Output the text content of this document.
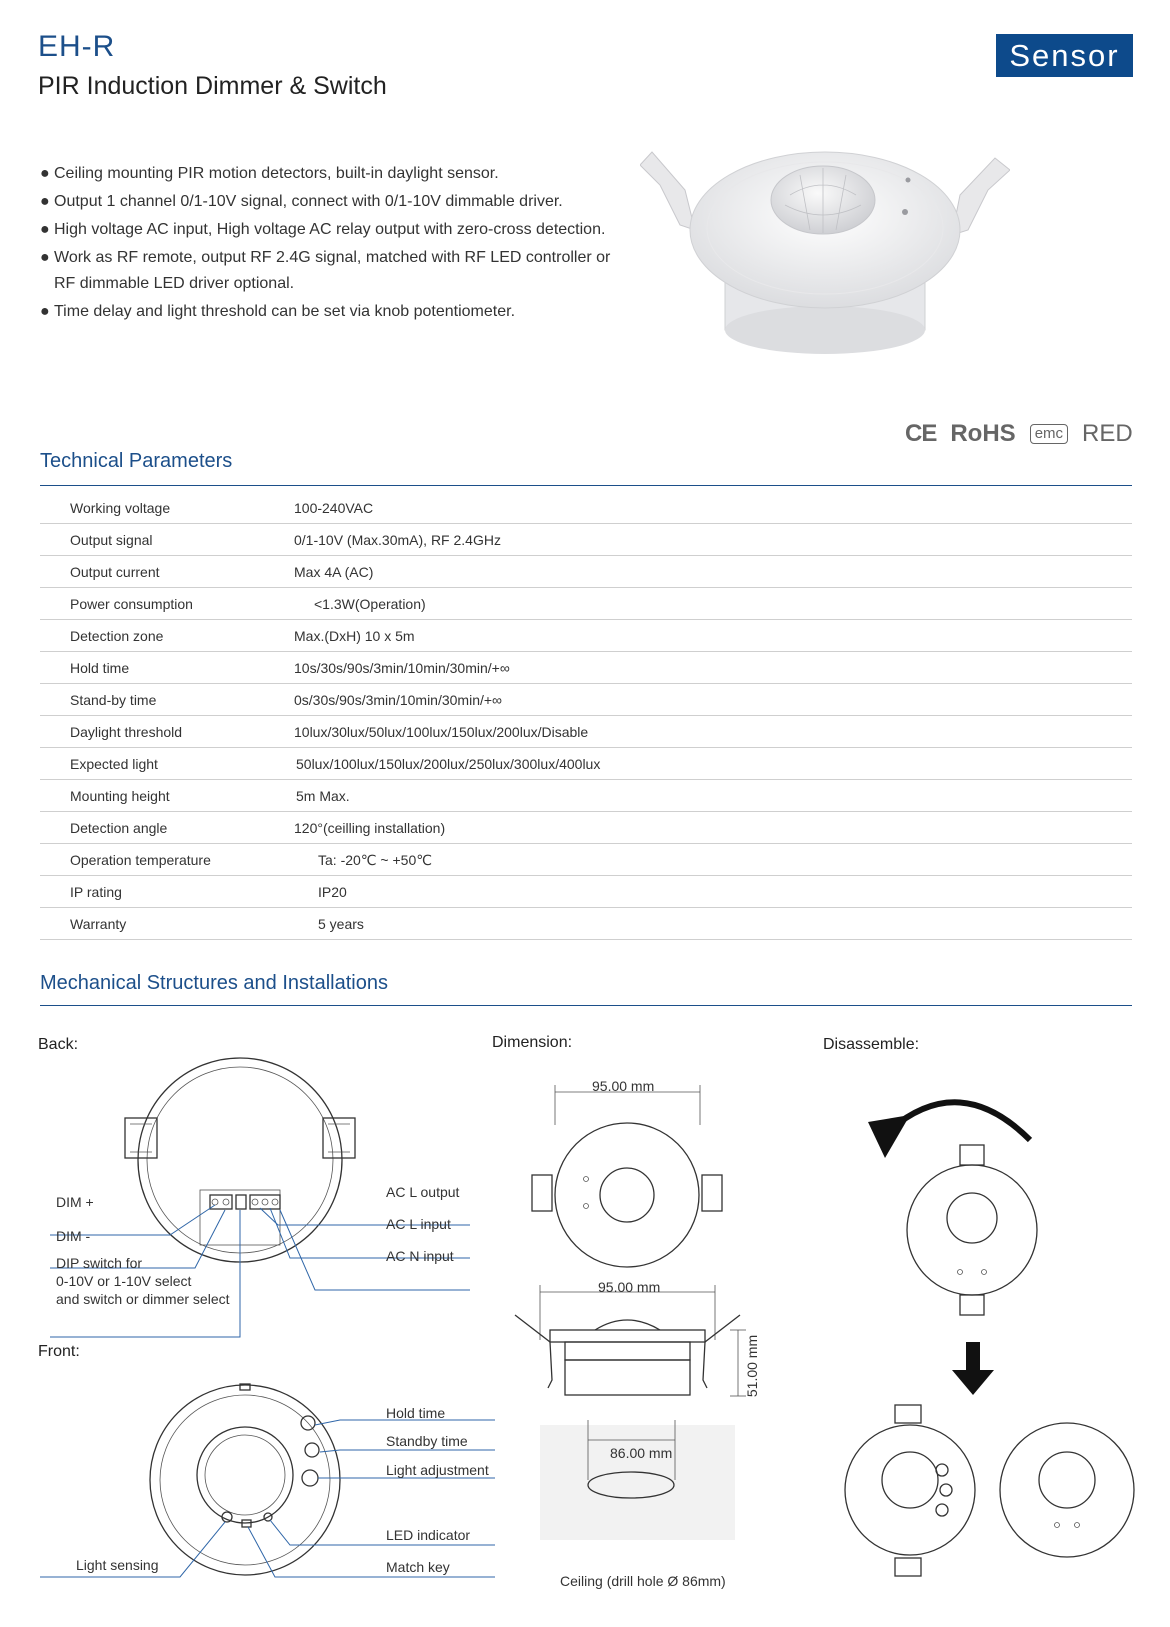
EH-R
PIR Induction Dimmer & Switch
Sensor
● Ceiling mounting PIR motion detectors, built-in daylight sensor.
● Output 1 channel 0/1-10V signal, connect with 0/1-10V dimmable driver.
● High voltage AC input, High voltage AC relay output with zero-cross detection.
● Work as RF remote, output RF 2.4G signal, matched with RF LED controller or
RF dimmable LED driver optional.
● Time delay and light threshold can be set via knob potentiometer.
CE RoHS	emc RED
Technical Parameters
Working voltage	100-240VAC
Output signal	0/1-10V (Max.30mA), RF 2.4GHz
Output current	Max 4A (AC)
Power consumption	<1.3W(Operation)
Detection zone	Max.(DxH) 10 x 5m
Hold time	10s/30s/90s/3min/10min/30min/+∞
Stand-by time	0s/30s/90s/3min/10min/30min/+∞
Daylight threshold	10lux/30lux/50lux/100lux/150lux/200lux/Disable
Expected light	50lux/100lux/150lux/200lux/250lux/300lux/400lux
Mounting height	5m Max.
Detection angle	120°(ceilling installation)
Operation temperature	Ta: -20℃ ~ +50℃
IP rating	IP20
Warranty	5 years
Mechanical Structures and Installations
Back:	Dimension:	Disassemble:
Front:
DIM +
DIM -
DIP switch for
0-10V or 1-10V select
and switch or dimmer select
AC L output
AC L input
AC N input
Hold time
Standby time
Light adjustment
LED indicator
Match key
Light sensing
51.00 mm
95.00 mm
95.00 mm
86.00 mm
Ceiling (drill hole Ø 86mm)
